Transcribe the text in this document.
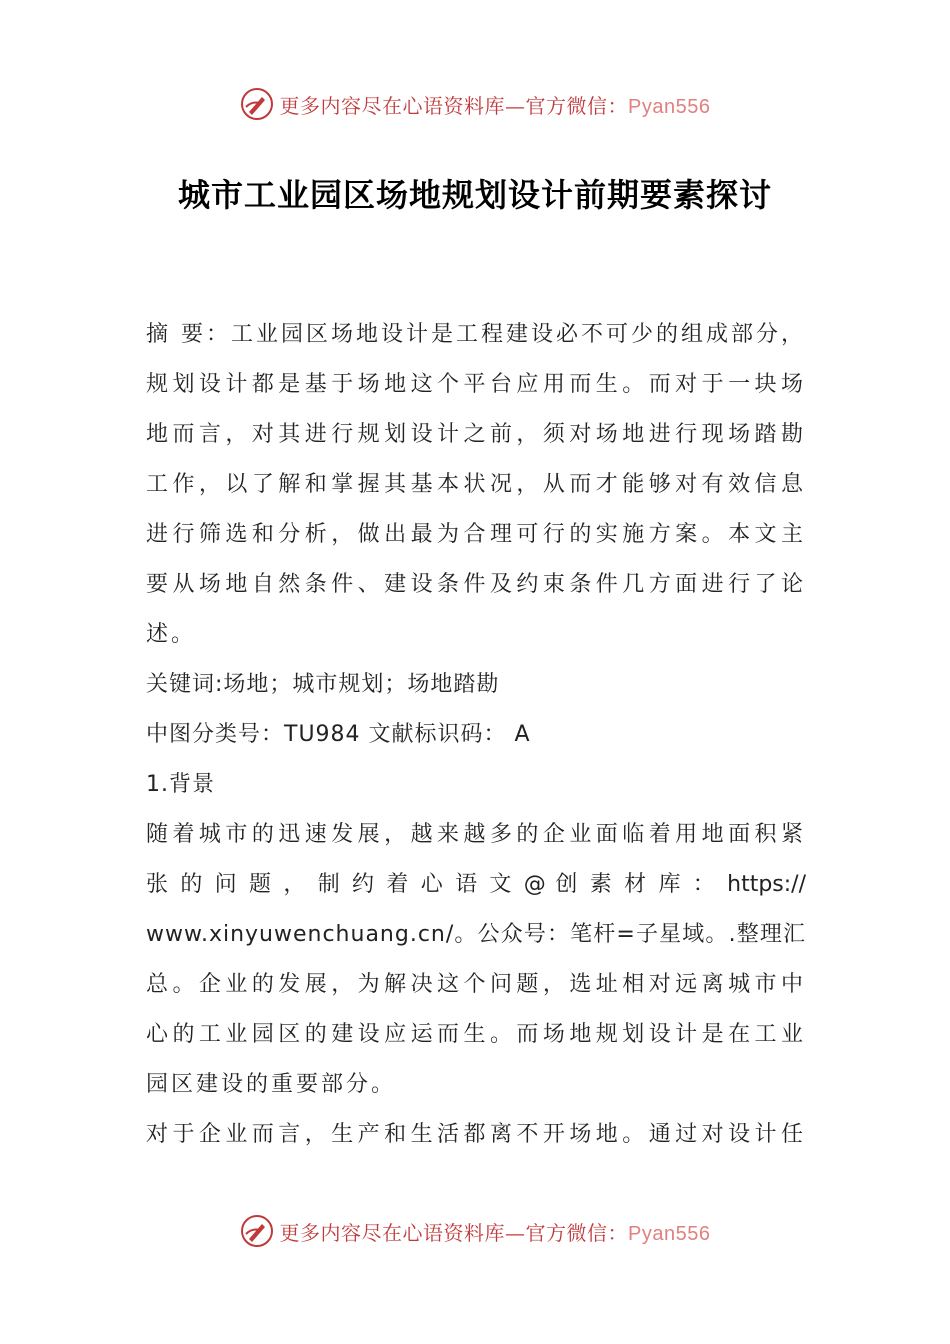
更多内容尽在心语资料库—官方微信：Pyan556
城市工业园区场地规划设计前期要素探讨
摘 要：工业园区场地设计是工程建设必不可少的组成部分，
规划设计都是基于场地这个平台应用而生。而对于一块场
地而言，对其进行规划设计之前，须对场地进行现场踏勘
工作，以了解和掌握其基本状况，从而才能够对有效信息
进行筛选和分析，做出最为合理可行的实施方案。本文主
要从场地自然条件、建设条件及约束条件几方面进行了论
述。
关键词:场地；城市规划；场地踏勘
中图分类号：TU984 文献标识码： A
1.背景
随着城市的迅速发展，越来越多的企业面临着用地面积紧
张 的 问 题 ， 制 约 着 心 语 文 @ 创 素 材 库 ： https://
www.xinyuwenchuang.cn/。公众号：笔杆=子星域。.整理汇
总。企业的发展，为解决这个问题，选址相对远离城市中
心的工业园区的建设应运而生。而场地规划设计是在工业
园区建设的重要部分。
对于企业而言，生产和生活都离不开场地。通过对设计任
更多内容尽在心语资料库—官方微信：Pyan556
